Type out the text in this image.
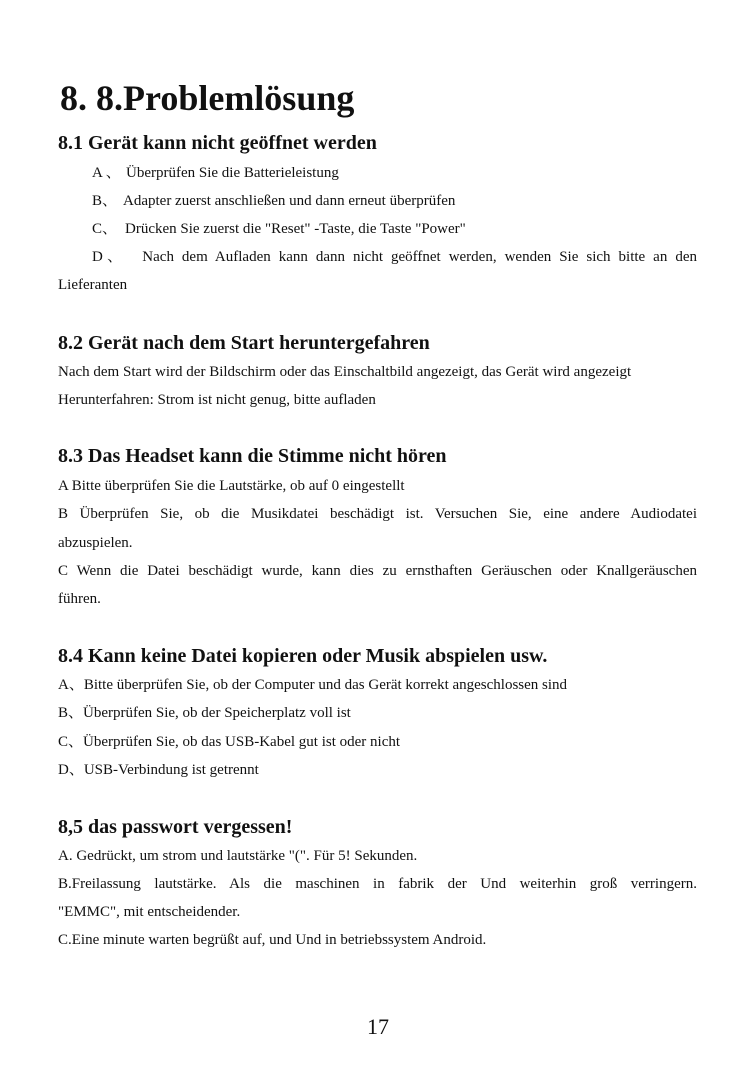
8. 8.Problemlösung
8.1 Gerät kann nicht geöffnet werden
A 、 Überprüfen Sie die Batterieleistung
B、 Adapter zuerst anschließen und dann erneut überprüfen
C、 Drücken Sie zuerst die "Reset" -Taste, die Taste "Power"
D、 Nach dem Aufladen kann dann nicht geöffnet werden, wenden Sie sich bitte an den
Lieferanten
8.2 Gerät nach dem Start heruntergefahren
Nach dem Start wird der Bildschirm oder das Einschaltbild angezeigt, das Gerät wird angezeigt
Herunterfahren: Strom ist nicht genug, bitte aufladen
8.3 Das Headset kann die Stimme nicht hören
A Bitte überprüfen Sie die Lautstärke, ob auf 0 eingestellt
B Überprüfen Sie, ob die Musikdatei beschädigt ist. Versuchen Sie, eine andere Audiodatei
abzuspielen.
C Wenn die Datei beschädigt wurde, kann dies zu ernsthaften Geräuschen oder Knallgeräuschen
führen.
8.4 Kann keine Datei kopieren oder Musik abspielen usw.
A、Bitte überprüfen Sie, ob der Computer und das Gerät korrekt angeschlossen sind
B、Überprüfen Sie, ob der Speicherplatz voll ist
C、Überprüfen Sie, ob das USB-Kabel gut ist oder nicht
D、USB-Verbindung ist getrennt
8,5 das passwort vergessen!
A. Gedrückt, um strom und lautstärke "(". Für 5! Sekunden.
B.Freilassung lautstärke. Als die maschinen in fabrik der Und weiterhin groß verringern.
"EMMC", mit entscheidender.
C.Eine minute warten begrüßt auf, und Und in betriebssystem Android.
17
